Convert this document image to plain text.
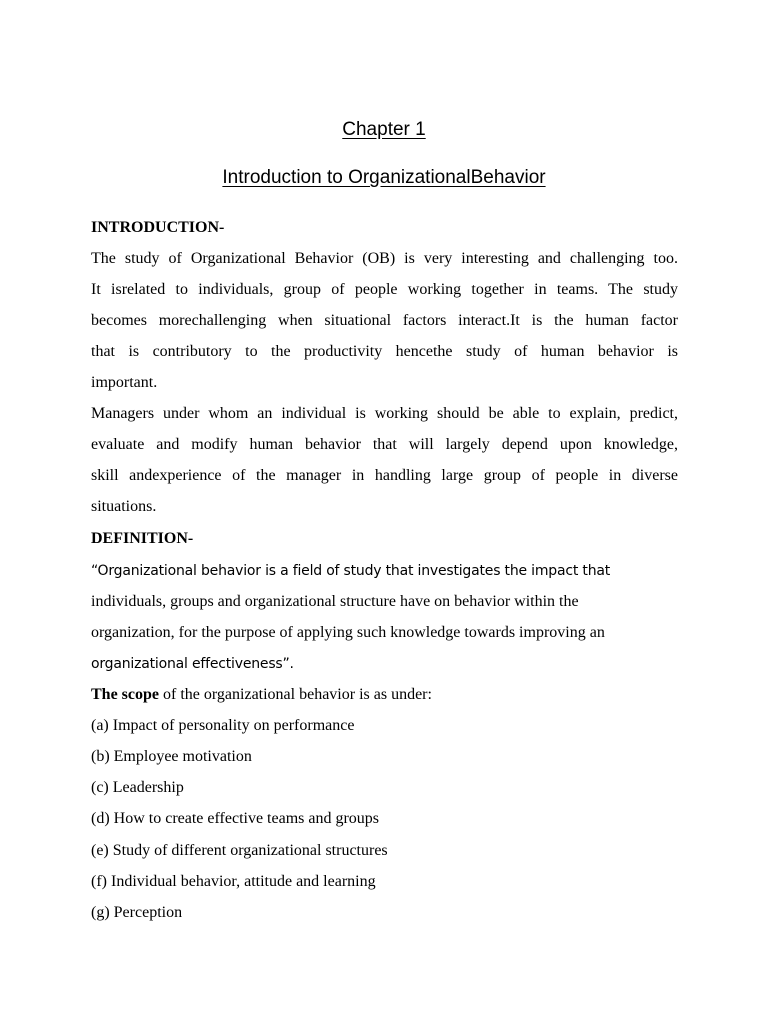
Chapter 1
Introduction to OrganizationalBehavior
INTRODUCTION-
The study of Organizational Behavior (OB) is very interesting and challenging too.
It isrelated to individuals, group of people working together in teams. The study
becomes morechallenging when situational factors interact.It is the human factor
that is contributory to the productivity hencethe study of human behavior is
important.
Managers under whom an individual is working should be able to explain, predict,
evaluate and modify human behavior that will largely depend upon knowledge,
skill andexperience of the manager in handling large group of people in diverse
situations.
DEFINITION-
“Organizational behavior is a field of study that investigates the impact that
individuals, groups and organizational structure have on behavior within the
organization, for the purpose of applying such knowledge towards improving an
organizational effectiveness”.
The scope of the organizational behavior is as under:
(a) Impact of personality on performance
(b) Employee motivation
(c) Leadership
(d) How to create effective teams and groups
(e) Study of different organizational structures
(f) Individual behavior, attitude and learning
(g) Perception
